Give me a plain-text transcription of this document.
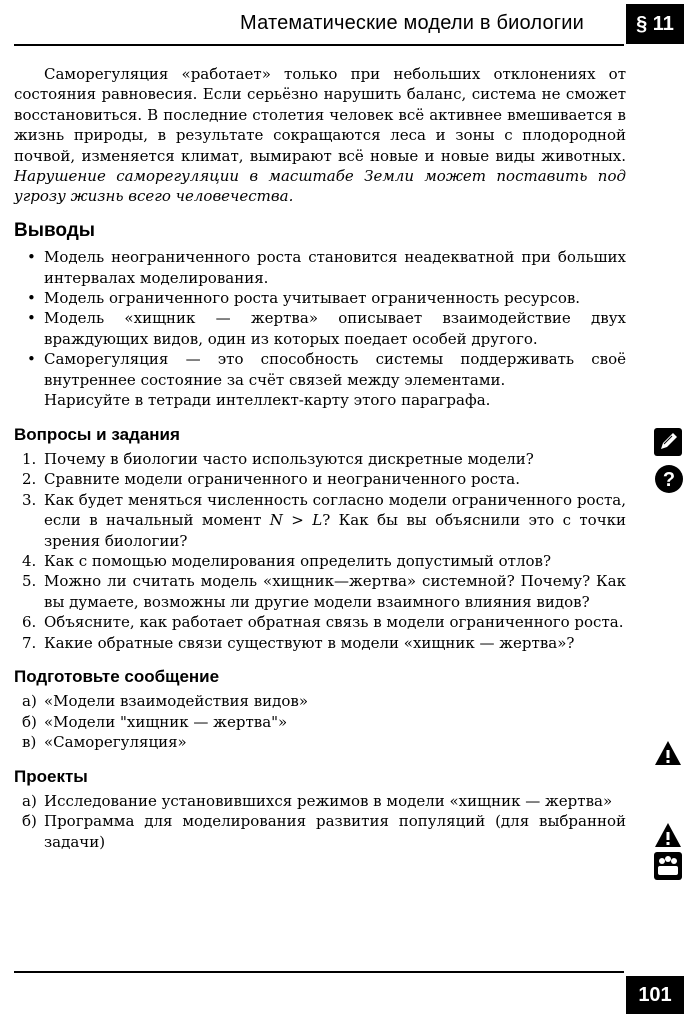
Математические модели в биологии	§ 11

Саморегуляция «работает» только при небольших отклонениях от состояния равновесия. Если серьёзно нарушить баланс, система не сможет восстановиться. В последние столетия человек всё активнее вмешивается в жизнь природы, в результате сокращаются леса и зоны с плодородной почвой, изменяется климат, вымирают всё новые и новые виды животных. Нарушение саморегуляции в масштабе Земли может поставить под угрозу жизнь всего человечества.

Выводы
• Модель неограниченного роста становится неадекватной при больших интервалах моделирования.
• Модель ограниченного роста учитывает ограниченность ресурсов.
• Модель «хищник — жертва» описывает взаимодействие двух враждующих видов, один из которых поедает особей другого.
• Саморегуляция — это способность системы поддерживать своё внутреннее состояние за счёт связей между элементами.

Нарисуйте в тетради интеллект-карту этого параграфа.

Вопросы и задания
1. Почему в биологии часто используются дискретные модели?
2. Сравните модели ограниченного и неограниченного роста.
3. Как будет меняться численность согласно модели ограниченного роста, если в начальный момент N > L? Как бы вы объяснили это с точки зрения биологии?
4. Как с помощью моделирования определить допустимый отлов?
5. Можно ли считать модель «хищник—жертва» системной? Почему? Как вы думаете, возможны ли другие модели взаимного влияния видов?
6. Объясните, как работает обратная связь в модели ограниченного роста.
7. Какие обратные связи существуют в модели «хищник — жертва»?
Подготовьте сообщение
а) «Модели взаимодействия видов»
б) «Модели "хищник — жертва"»
в) «Саморегуляция»
Проекты
а) Исследование установившихся режимов в модели «хищник — жертва»
б) Программа для моделирования развития популяций (для выбранной задачи)
?
101
